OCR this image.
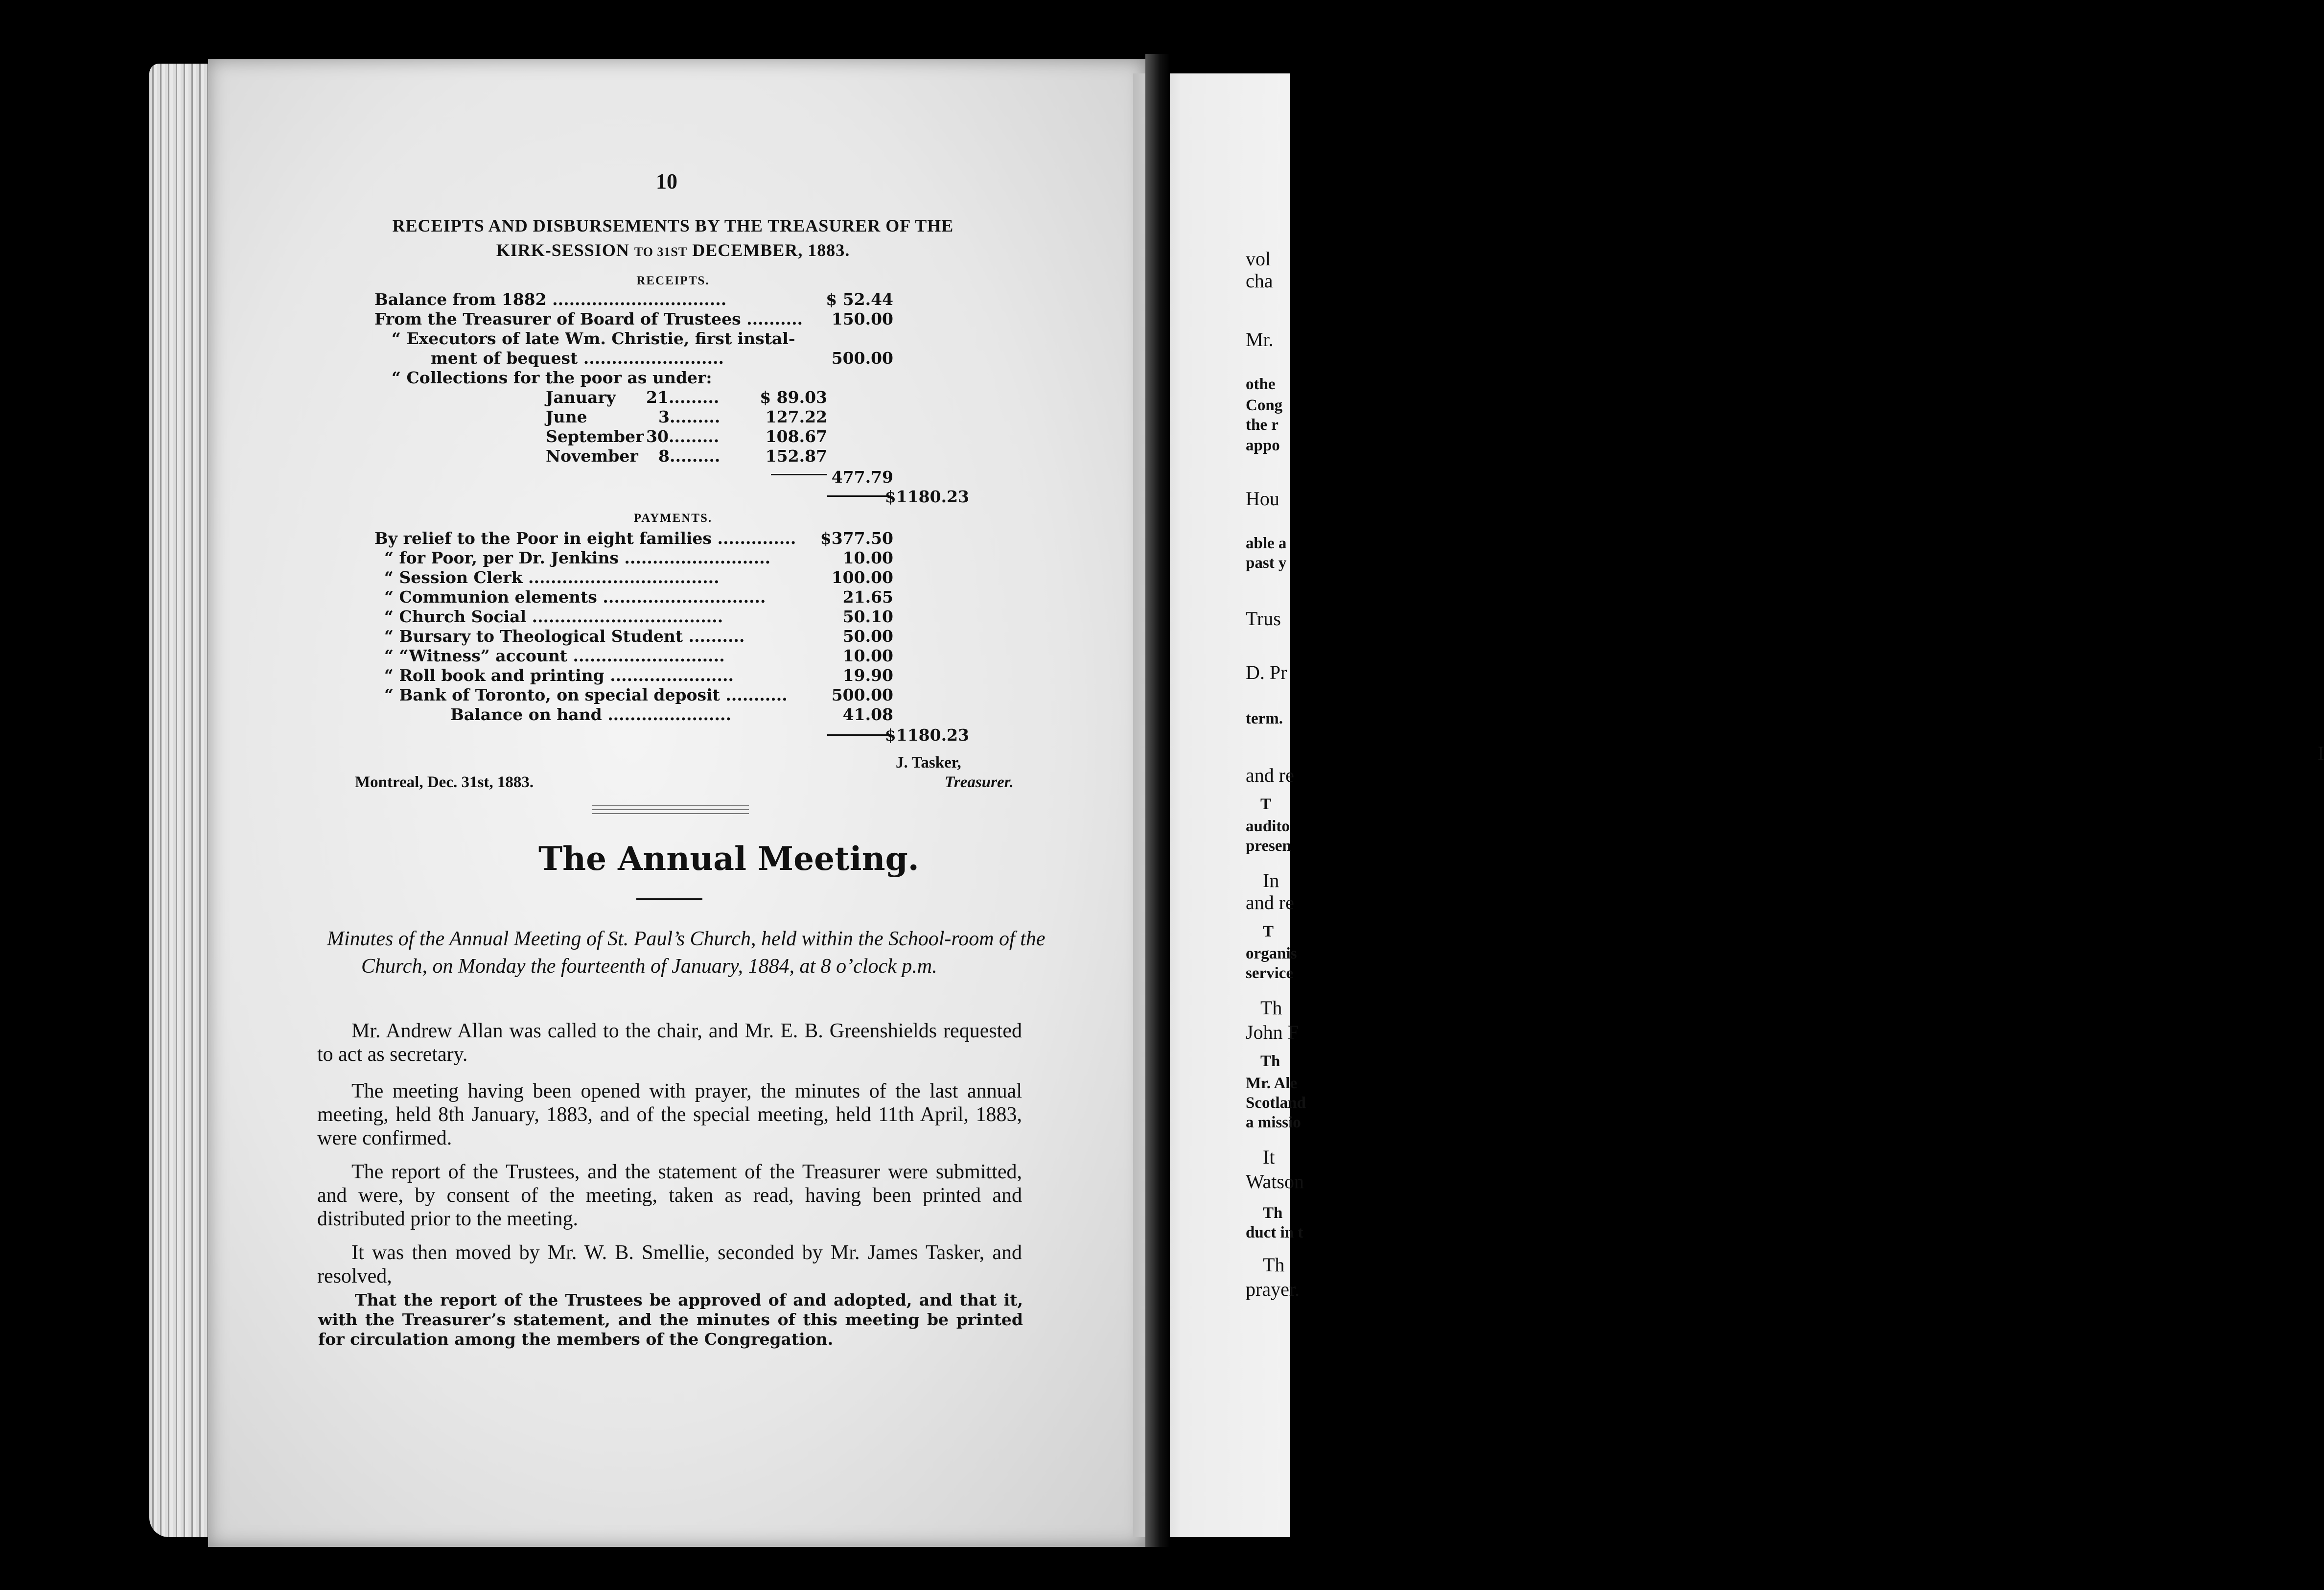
vol
cha
Mr.
othe
Cong
the r
appo
Hou
able a
past y
Trus
D. Pr
term.
I
and re
T
audito
presen
In
and re
T
organis
service
Th
John F
Th
Mr. Ale
Scotland
a missio
It
Watson
Th
duct in t
Th
prayer.
10
RECEIPTS AND DISBURSEMENTS BY THE TREASURER OF THE
KIRK-SESSION TO 31ST DECEMBER, 1883.
RECEIPTS.
Balance from 1882 ...............................	$ 52.44
From the Treasurer of Board of Trustees ..........	150.00
“ Executors of late Wm. Christie, first instal-
ment of bequest .........................	500.00
“ Collections for the poor as under:
January 21.........	$ 89.03
June	3.........	127.22
September 30.........	108.67
November 8.........	152.87
477.79
$1180.23
PAYMENTS.
By relief to the Poor in eight families ..............	$377.50
“ for Poor, per Dr. Jenkins ..........................	10.00
“ Session Clerk ..................................	100.00
“ Communion elements .............................	21.65
“ Church Social ..................................	50.10
“ Bursary to Theological Student ..........	50.00
“ “Witness” account ...........................	10.00
“ Roll book and printing ......................	19.90
“ Bank of Toronto, on special deposit ...........	500.00
Balance on hand ......................	41.08
$1180.23
J. Tasker,
Treasurer.
Montreal, Dec. 31st, 1883.
The Annual Meeting.
Minutes of the Annual Meeting of St. Paul’s Church, held within the School-room of the Church, on Monday the fourteenth of January, 1884, at 8 o’clock p.m.
Mr. Andrew Allan was called to the chair, and Mr. E. B. Greenshields requested to act as secretary.
The meeting having been opened with prayer, the minutes of the last annual meeting, held 8th January, 1883, and of the special meeting, held 11th April, 1883, were confirmed.
The report of the Trustees, and the statement of the Treasurer were submitted, and were, by consent of the meeting, taken as read, having been printed and distributed prior to the meeting.
It was then moved by Mr. W. B. Smellie, seconded by Mr. James Tasker, and resolved,
That the report of the Trustees be approved of and adopted, and that it, with the Treasurer’s statement, and the minutes of this meeting be printed for circulation among the members of the Congregation.
